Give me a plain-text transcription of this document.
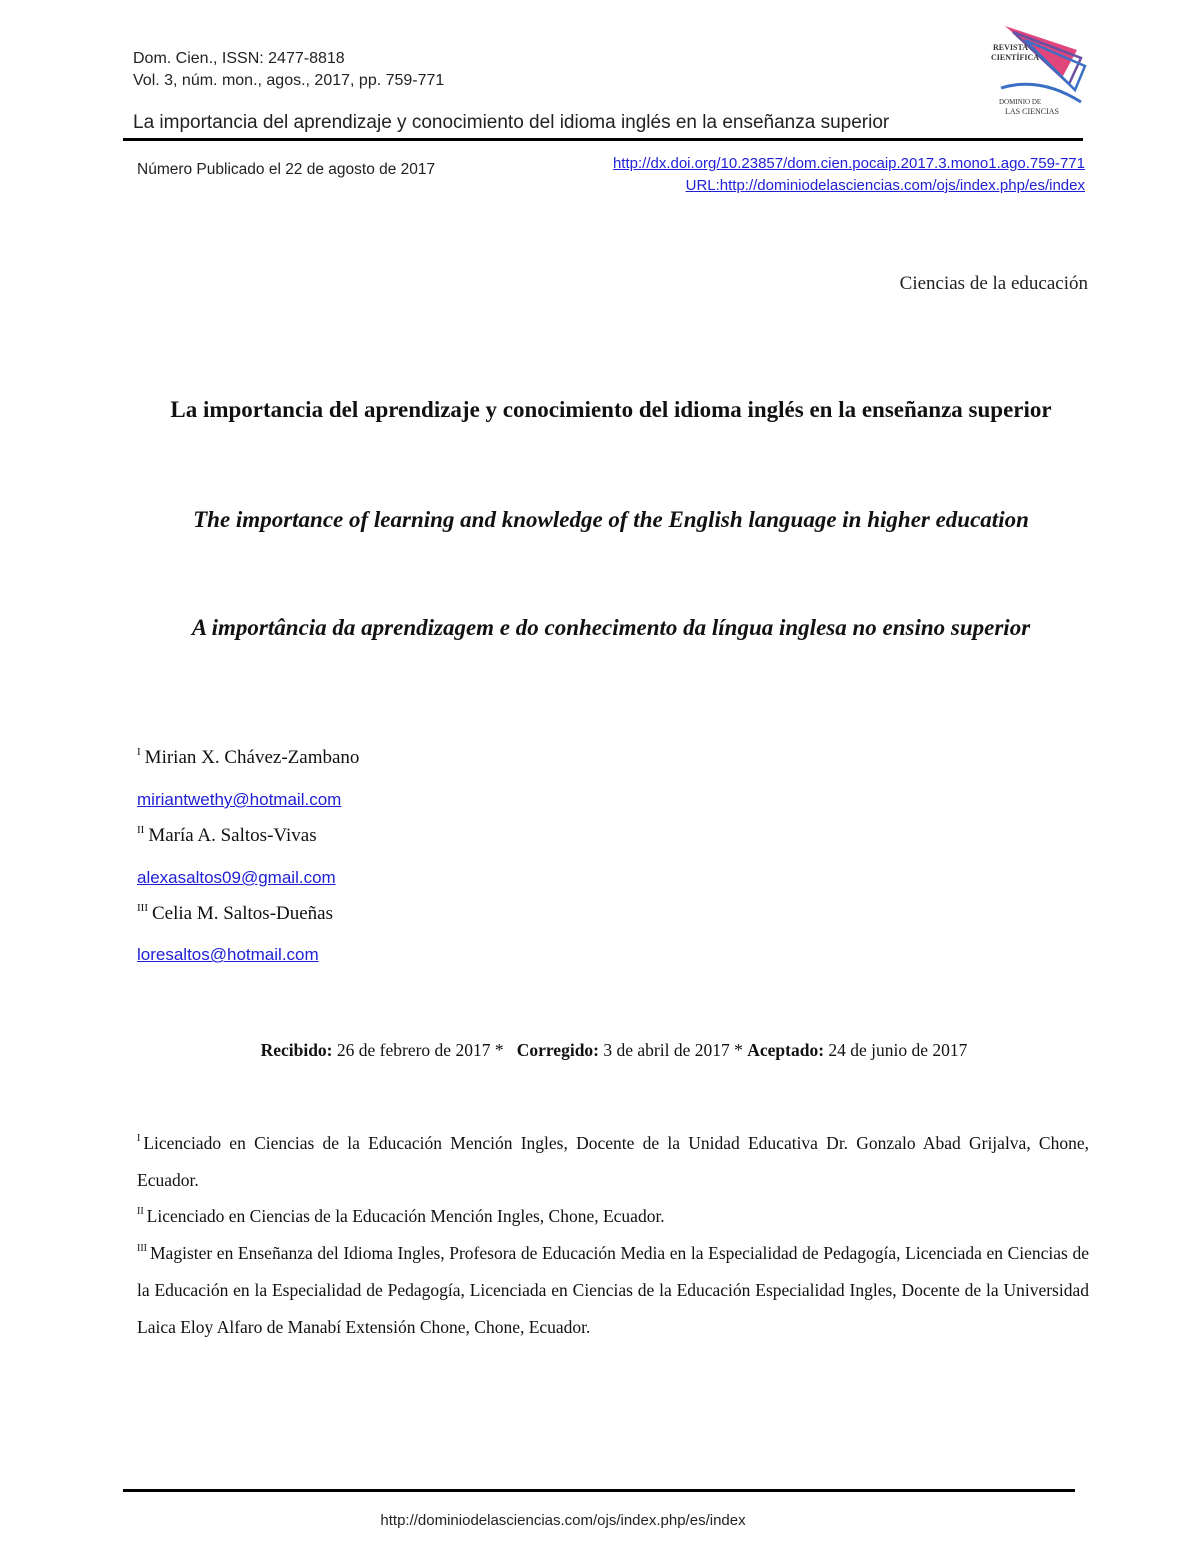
Dom. Cien., ISSN: 2477-8818
Vol. 3, núm. mon., agos., 2017, pp. 759-771
La importancia del aprendizaje y conocimiento del idioma inglés en la enseñanza superior
Número Publicado el 22 de agosto de 2017	http://dx.doi.org/10.23857/dom.cien.pocaip.2017.3.mono1.ago.759-771
URL:http://dominiodelasciencias.com/ojs/index.php/es/index
REVISTA
CIENTÍFICA
DOMINIO DE
LAS CIENCIAS
Ciencias de la educación
La importancia del aprendizaje y conocimiento del idioma inglés en la enseñanza superior
The importance of learning and knowledge of the English language in higher education
A importância da aprendizagem e do conhecimento da língua inglesa no ensino superior
$^I$ Mirian X. Chávez-Zambano
miriantwethy@hotmail.com
$^{II}$ María A. Saltos-Vivas
alexasaltos09@gmail.com
$^{III}$ Celia M. Saltos-Dueñas
loresaltos@hotmail.com
Recibido: 26 de febrero de 2017 * Corregido: 3 de abril de 2017 * Aceptado: 24 de junio de 2017
$^I$ Licenciado en Ciencias de la Educación Mención Ingles, Docente de la Unidad Educativa Dr. Gonzalo Abad Grijalva, Chone, Ecuador.
$^{II}$ Licenciado en Ciencias de la Educación Mención Ingles, Chone, Ecuador.
$^{III}$ Magister en Enseñanza del Idioma Ingles, Profesora de Educación Media en la Especialidad de Pedagogía, Licenciada en Ciencias de la Educación en la Especialidad de Pedagogía, Licenciada en Ciencias de la Educación Especialidad Ingles, Docente de la Universidad Laica Eloy Alfaro de Manabí Extensión Chone, Chone, Ecuador.
http://dominiodelasciencias.com/ojs/index.php/es/index
